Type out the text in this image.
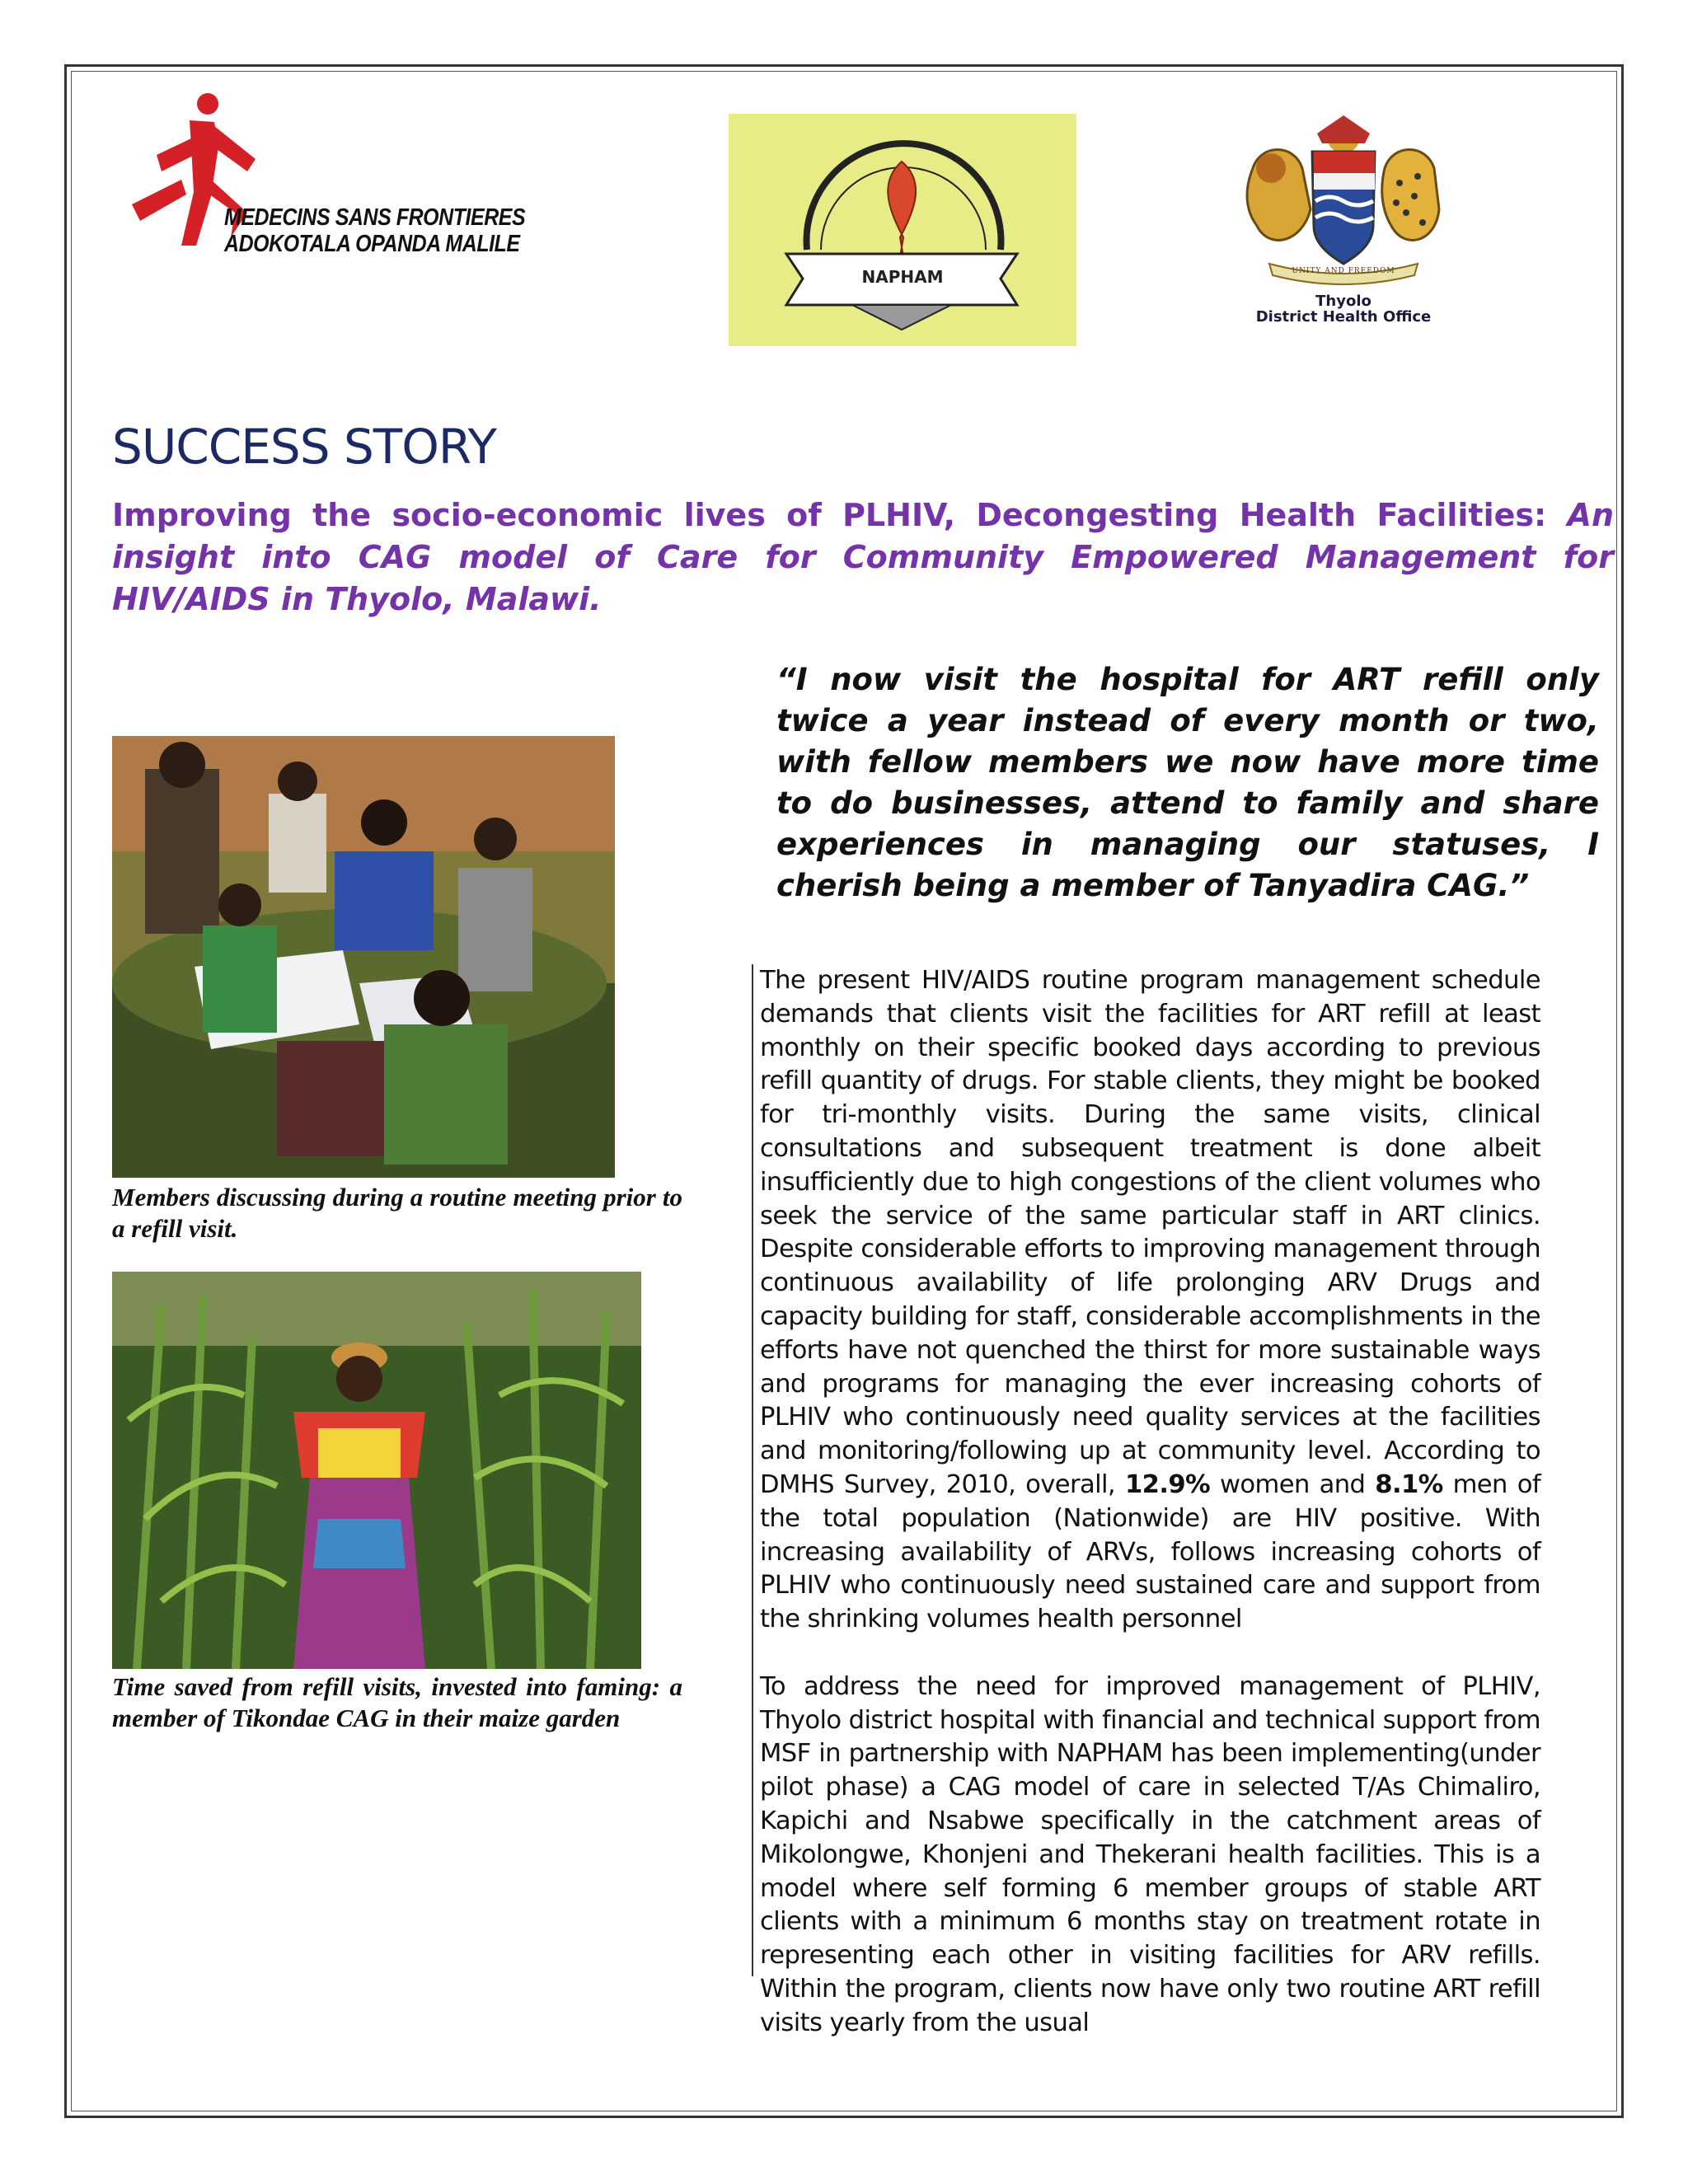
MEDECINS SANS FRONTIERES
ADOKOTALA OPANDA MALILE
NAPHAM	UNITY AND FREEDOM
Thyolo
District Health Office
SUCCESS STORY
Improving the socio-economic lives of PLHIV, Decongesting Health Facilities: An insight into CAG model of Care for Community Empowered Management for HIV/AIDS in Thyolo, Malawi.
“I now visit the hospital for ART refill only twice a year instead of every month or two, with fellow members we now have more time to do businesses, attend to family and share experiences in managing our statuses, I cherish being a member of Tanyadira CAG.”
Members discussing during a routine meeting prior to a refill visit.
Time saved from refill visits, invested into faming: a member of Tikondae CAG in their maize garden

The present HIV/AIDS routine program management schedule demands that clients visit the facilities for ART refill at least monthly on their specific booked days according to previous refill quantity of drugs. For stable clients, they might be booked for tri-monthly visits. During the same visits, clinical consultations and subsequent treatment is done albeit insufficiently due to high congestions of the client volumes who seek the service of the same particular staff in ART clinics. Despite considerable efforts to improving management through continuous availability of life prolonging ARV Drugs and capacity building for staff, considerable accomplishments in the efforts have not quenched the thirst for more sustainable ways and programs for managing the ever increasing cohorts of PLHIV who continuously need quality services at the facilities and monitoring/following up at community level. According to DMHS Survey, 2010, overall, 12.9% women and 8.1% men of the total population (Nationwide) are HIV positive. With increasing availability of ARVs, follows increasing cohorts of PLHIV who continuously need sustained care and support from the shrinking volumes health personnel

To address the need for improved management of PLHIV, Thyolo district hospital with financial and technical support from MSF in partnership with NAPHAM has been implementing(under pilot phase) a CAG model of care in selected T/As Chimaliro, Kapichi and Nsabwe specifically in the catchment areas of Mikolongwe, Khonjeni and Thekerani health facilities. This is a model where self forming 6 member groups of stable ART clients with a minimum 6 months stay on treatment rotate in representing each other in visiting facilities for ARV refills. Within the program, clients now have only two routine ART refill visits yearly from the usual
